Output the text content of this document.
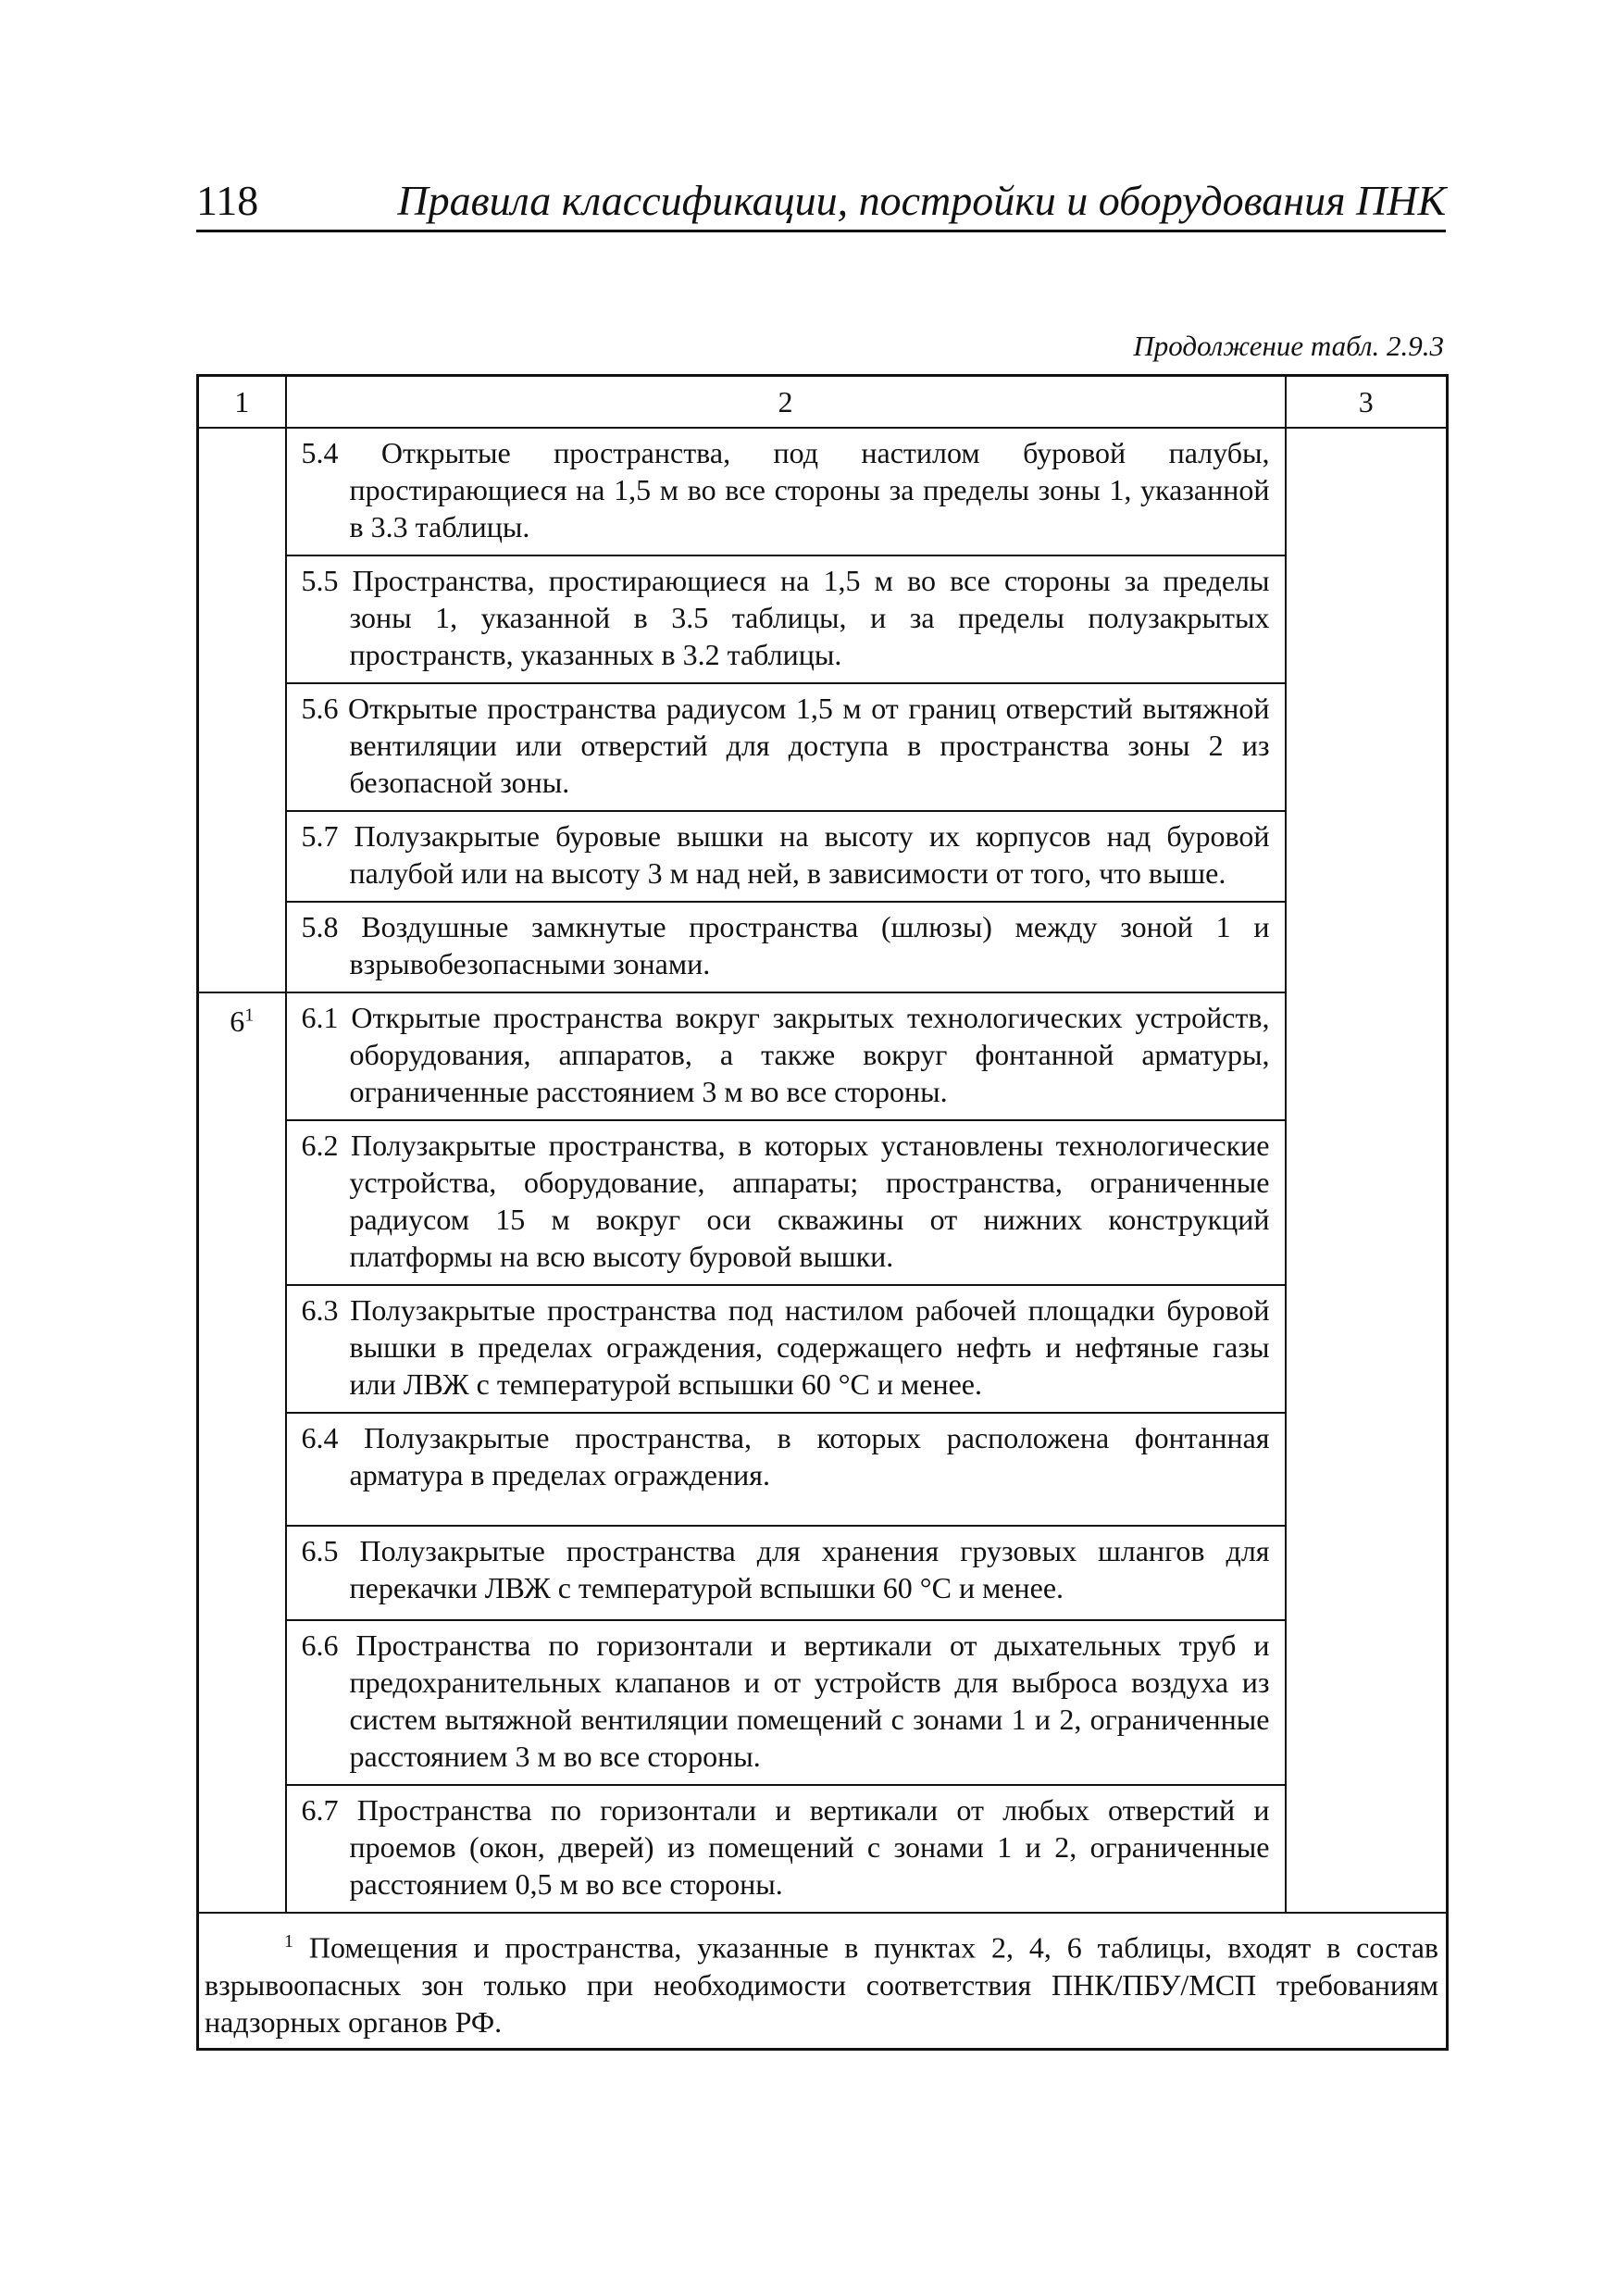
118	Правила классификации, постройки и оборудования ПНК
Продолжение табл. 2.9.3
1	2	3
	5.4 Открытые пространства, под настилом буровой палубы, простирающиеся на 1,5 м во все стороны за пределы зоны 1, указанной в 3.3 таблицы.	
	5.5 Пространства, простирающиеся на 1,5 м во все стороны за пределы зоны 1, указанной в 3.5 таблицы, и за пределы полузакрытых пространств, указанных в 3.2 таблицы.	
	5.6 Открытые пространства радиусом 1,5 м от границ отверстий вытяжной вентиляции или отверстий для доступа в пространства зоны 2 из безопасной зоны.	
	5.7 Полузакрытые буровые вышки на высоту их корпусов над буровой палубой или на высоту 3 м над ней, в зависимости от того, что выше.	
	5.8 Воздушные замкнутые пространства (шлюзы) между зоной 1 и взрывобезопасными зонами.	
$6^1$	6.1 Открытые пространства вокруг закрытых технологических устройств, оборудования, аппаратов, а также вокруг фонтанной арматуры, ограниченные расстоянием 3 м во все стороны.	
	6.2 Полузакрытые пространства, в которых установлены технологические устройства, оборудование, аппараты; пространства, ограниченные радиусом 15 м вокруг оси скважины от нижних конструкций платформы на всю высоту буровой вышки.	
	6.3 Полузакрытые пространства под настилом рабочей площадки буровой вышки в пределах ограждения, содержащего нефть и нефтяные газы или ЛВЖ с температурой вспышки 60 °С и менее.	
	6.4 Полузакрытые пространства, в которых расположена фонтанная арматура в пределах ограждения.	
	6.5 Полузакрытые пространства для хранения грузовых шлангов для перекачки ЛВЖ с температурой вспышки 60 °С и менее.	
	6.6 Пространства по горизонтали и вертикали от дыхательных труб и предохранительных клапанов и от устройств для выброса воздуха из систем вытяжной вентиляции помещений с зонами 1 и 2, ограниченные расстоянием 3 м во все стороны.	
	6.7 Пространства по горизонтали и вертикали от любых отверстий и проемов (окон, дверей) из помещений с зонами 1 и 2, ограниченные расстоянием 0,5 м во все стороны.	

$^1$ Помещения и пространства, указанные в пунктах 2, 4, 6 таблицы, входят в состав взрывоопасных зон только при необходимости соответствия ПНК/ПБУ/МСП требованиям надзорных органов РФ.		
